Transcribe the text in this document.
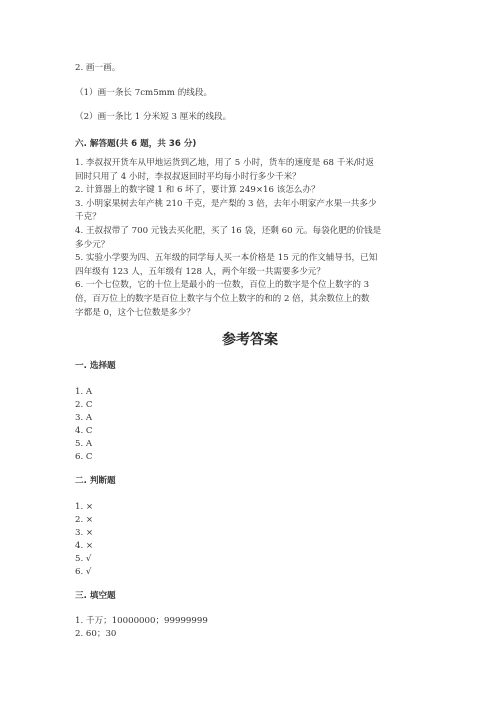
2. 画一画。
（1）画一条长 7cm5mm 的线段。
（2）画一条比 1 分米短 3 厘米的线段。
六. 解答题(共 6 题，共 36 分)
1. 李叔叔开货车从甲地运货到乙地，用了 5 小时，货车的速度是 68 千米/时返
回时只用了 4 小时，李叔叔返回时平均每小时行多少千米？
2. 计算器上的数字键 1 和 6 坏了，要计算 249×16 该怎么办？
3. 小明家果树去年产桃 210 千克，是产梨的 3 倍，去年小明家产水果一共多少
千克？
4. 王叔叔带了 700 元钱去买化肥，买了 16 袋，还剩 60 元。每袋化肥的价钱是
多少元？
5. 实验小学要为四、五年级的同学每人买一本价格是 15 元的作文辅导书，已知
四年级有 123 人，五年级有 128 人，两个年级一共需要多少元？
6. 一个七位数，它的十位上是最小的一位数，百位上的数字是个位上数字的 3
倍，百万位上的数字是百位上数字与个位上数字的和的 2 倍，其余数位上的数
字都是 0，这个七位数是多少？
参考答案
一. 选择题
1. A
2. C
3. A
4. C
5. A
6. C
二. 判断题
1. ×
2. ×
3. ×
4. ×
5. √
6. √
三. 填空题
1. 千万；10000000；99999999
2. 60；30
